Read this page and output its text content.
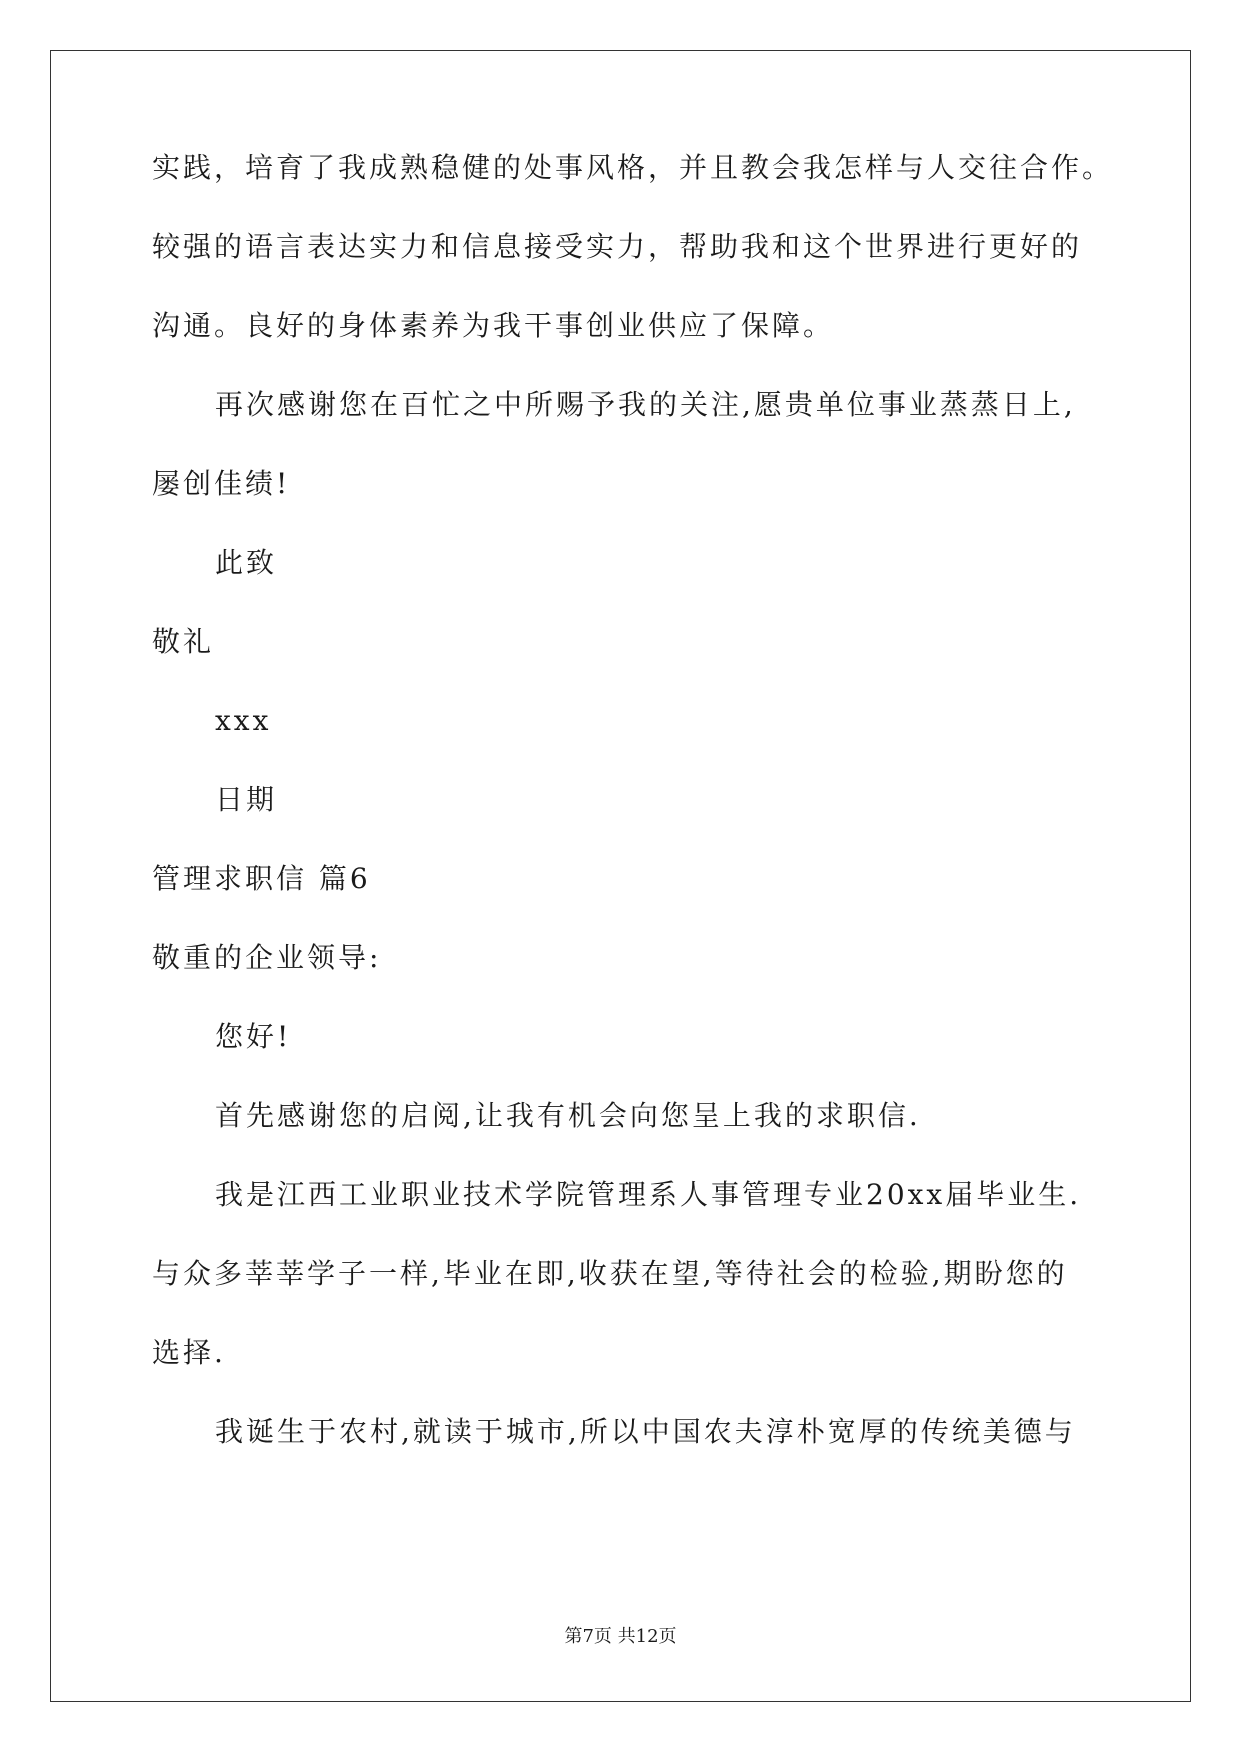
实践，培育了我成熟稳健的处事风格，并且教会我怎样与人交往合作。
较强的语言表达实力和信息接受实力，帮助我和这个世界进行更好的
沟通。良好的身体素养为我干事创业供应了保障。
再次感谢您在百忙之中所赐予我的关注,愿贵单位事业蒸蒸日上,
屡创佳绩!
此致
敬礼
xxx
日期
管理求职信 篇6
敬重的企业领导:
您好!
首先感谢您的启阅,让我有机会向您呈上我的求职信.
我是江西工业职业技术学院管理系人事管理专业20xx届毕业生.
与众多莘莘学子一样,毕业在即,收获在望,等待社会的检验,期盼您的
选择.
我诞生于农村,就读于城市,所以中国农夫淳朴宽厚的传统美德与
第7页 共12页
